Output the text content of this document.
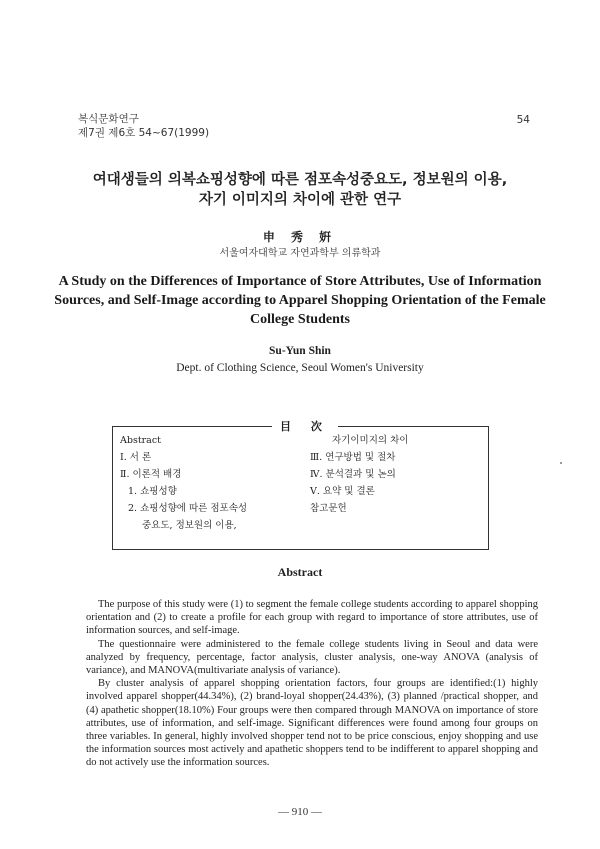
복식문화연구
제7권 제6호 54~67(1999)
54
여대생들의 의복쇼핑성향에 따른 점포속성중요도, 정보원의 이용,
자기 이미지의 차이에 관한 연구
申 秀 姸
서울여자대학교 자연과학부 의류학과
A Study on the Differences of Importance of Store Attributes, Use of Information Sources, and Self-Image according to Apparel Shopping Orientation of the Female College Students
Su-Yun Shin
Dept. of Clothing Science, Seoul Women's University
目 次
Abstract
Ⅰ. 서 론
Ⅱ. 이론적 배경
1. 쇼핑성향
2. 쇼핑성향에 따른 점포속성
중요도, 정보원의 이용,
자기이미지의 차이
Ⅲ. 연구방법 및 절차
Ⅳ. 분석결과 및 논의
Ⅴ. 요약 및 결론
참고문헌
Abstract

The purpose of this study were (1) to segment the female college students according to apparel shopping orientation and (2) to create a profile for each group with regard to importance of store attributes, use of information sources, and self-image.

The questionnaire were administered to the female college students living in Seoul and data were analyzed by frequency, percentage, factor analysis, cluster analysis, one-way ANOVA (analysis of variance), and MANOVA(multivariate analysis of variance).

By cluster analysis of apparel shopping orientation factors, four groups are identified:(1) highly involved apparel shopper(44.34%), (2) brand-loyal shopper(24.43%), (3) planned /practical shopper, and (4) apathetic shopper(18.10%) Four groups were then compared through MANOVA on importance of store attributes, use of information, and self-image. Significant differences were found among four groups on three variables. In general, highly involved shopper tend not to be price conscious, enjoy shopping and use the information sources most actively and apathetic shoppers tend to be indifferent to apparel shopping and do not actively use the information sources.

— 910 —
